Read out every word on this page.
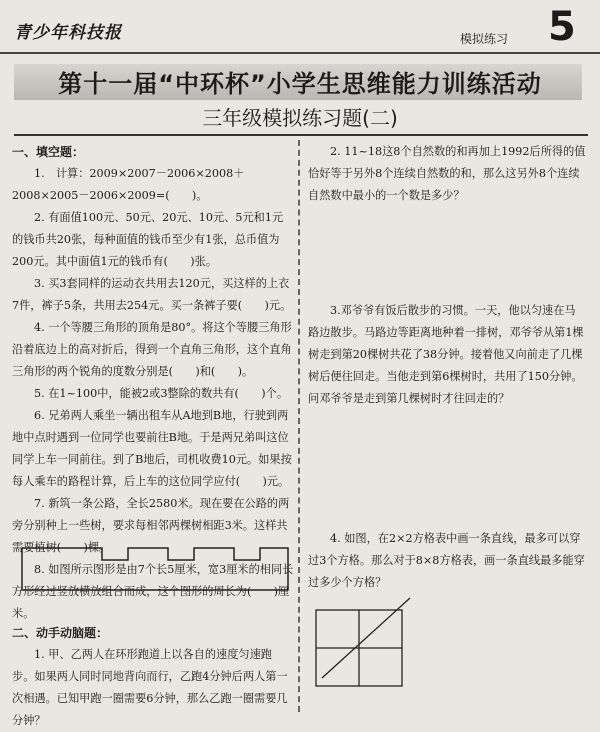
青少年科技报	模拟练习 5
第十一届“中环杯”小学生思维能力训练活动
三年级模拟练习题(二)

一、填空题：

1.　计算：2009×2007－2006×2008＋2008×2005－2006×2009=(　　)。

2. 有面值100元、50元、20元、10元、5元和1元的钱币共20张，每种面值的钱币至少有1张，总币值为200元。其中面值1元的钱币有(　　)张。

3. 买3套同样的运动衣共用去120元，买这样的上衣7件，裤子5条，共用去254元。买一条裤子要(　　)元。

4. 一个等腰三角形的顶角是80°。将这个等腰三角形沿着底边上的高对折后，得到一个直角三角形，这个直角三角形的两个锐角的度数分别是(　　)和(　　)。

5. 在1~100中，能被2或3整除的数共有(　　)个。

6. 兄弟两人乘坐一辆出租车从A地到B地，行驶到两地中点时遇到一位同学也要前往B地。于是两兄弟叫这位同学上车一同前往。到了B地后，司机收费10元。如果按每人乘车的路程计算，后上车的这位同学应付(　　)元。

7. 新筑一条公路，全长2580米。现在要在公路的两旁分别种上一些树，要求每相邻两棵树相距3米。这样共需要植树(　　)棵。

8. 如图所示图形是由7个长5厘米，宽3厘米的相同长方形经过竖放横放组合而成，这个图形的周长为(　　)厘米。

二、动手动脑题：

1. 甲、乙两人在环形跑道上以各自的速度匀速跑步。如果两人同时同地背向而行，乙跑4分钟后两人第一次相遇。已知甲跑一圈需要6分钟，那么乙跑一圈需要几分钟？

2. 11~18这8个自然数的和再加上1992后所得的值恰好等于另外8个连续自然数的和，那么这另外8个连续自然数中最小的一个数是多少？

3.邓爷爷有饭后散步的习惯。一天，他以匀速在马路边散步。马路边等距离地种着一排树，邓爷爷从第1棵树走到第20棵树共花了38分钟。接着他又向前走了几棵树后便往回走。当他走到第6棵树时，共用了150分钟。问邓爷爷是走到第几棵树时才往回走的？

4. 如图，在2×2方格表中画一条直线，最多可以穿过3个方格。那么对于8×8方格表，画一条直线最多能穿过多少个方格？
